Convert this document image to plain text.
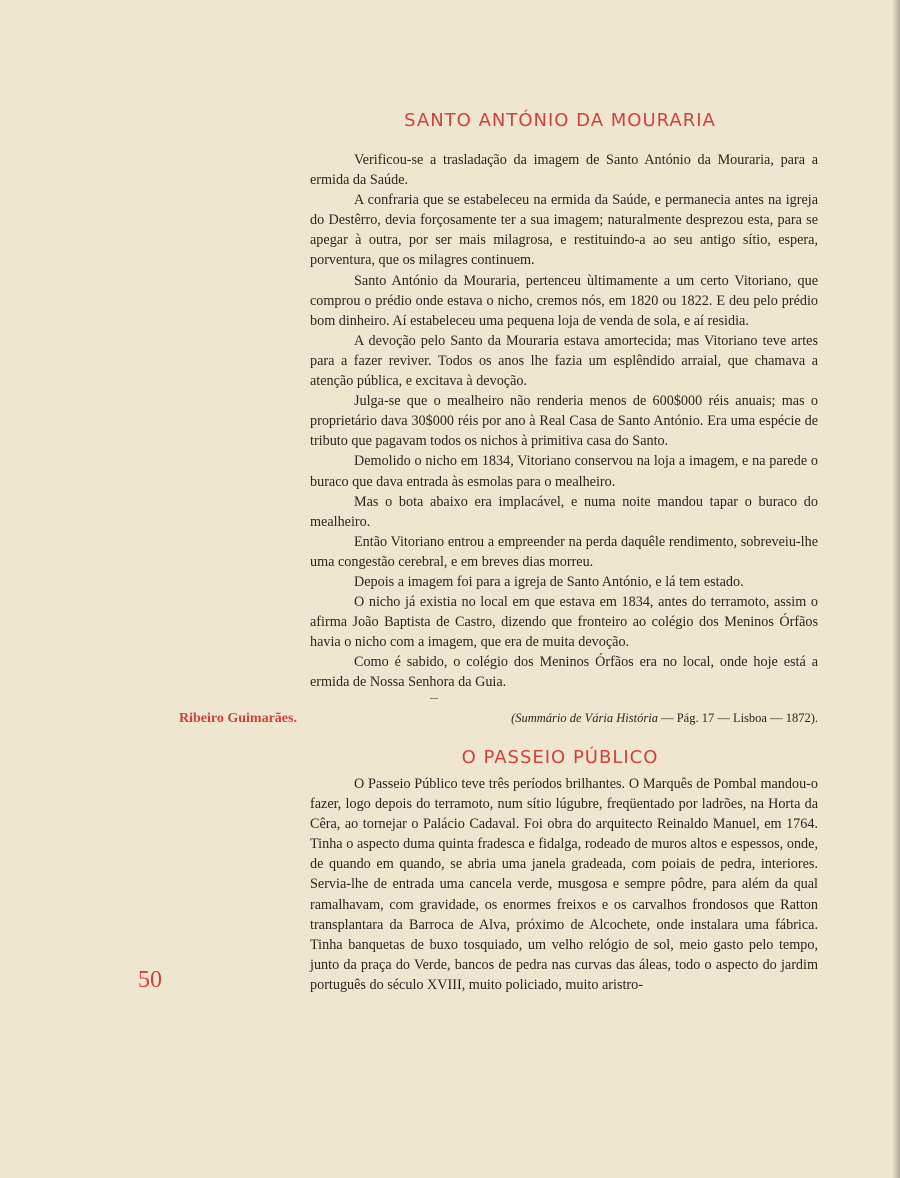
SANTO ANTÓNIO DA MOURARIA

Verificou-se a trasladação da imagem de Santo António da Mouraria, para a ermida da Saúde.

A confraria que se estabeleceu na ermida da Saúde, e permanecia antes na igreja do Destêrro, devia forçosamente ter a sua imagem; naturalmente desprezou esta, para se apegar à outra, por ser mais milagrosa, e restituindo-a ao seu antigo sítio, espera, porventura, que os milagres continuem.

Santo António da Mouraria, pertenceu ùltimamente a um certo Vitoriano, que comprou o prédio onde estava o nicho, cremos nós, em 1820 ou 1822. E deu pelo prédio bom dinheiro. Aí estabeleceu uma pequena loja de venda de sola, e aí residia.

A devoção pelo Santo da Mouraria estava amortecida; mas Vitoriano teve artes para a fazer reviver. Todos os anos lhe fazia um esplêndido arraial, que chamava a atenção pública, e excitava à devoção.

Julga-se que o mealheiro não renderia menos de 600$000 réis anuais; mas o proprietário dava 30$000 réis por ano à Real Casa de Santo António. Era uma espécie de tributo que pagavam todos os nichos à primitiva casa do Santo.

Demolido o nicho em 1834, Vitoriano conservou na loja a imagem, e na parede o buraco que dava entrada às esmolas para o mealheiro.

Mas o bota abaixo era implacável, e numa noite mandou tapar o buraco do mealheiro.

Então Vitoriano entrou a empreender na perda daquêle rendimento, sobreveiu-lhe uma congestão cerebral, e em breves dias morreu.

Depois a imagem foi para a igreja de Santo António, e lá tem estado.

O nicho já existia no local em que estava em 1834, antes do terramoto, assim o afirma João Baptista de Castro, dizendo que fronteiro ao colégio dos Meninos Órfãos havia o nicho com a imagem, que era de muita devoção.

Como é sabido, o colégio dos Meninos Órfãos era no local, onde hoje está a ermida de Nossa Senhora da Guia.

Ribeiro Guimarães.	(Summário de Vária História — Pág. 17 — Lisboa — 1872).
O PASSEIO PÚBLICO

O Passeio Público teve três períodos brilhantes. O Marquês de Pombal mandou-o fazer, logo depois do terramoto, num sítio lúgubre, freqüentado por ladrões, na Horta da Cêra, ao tornejar o Palácio Cadaval. Foi obra do arquitecto Reinaldo Manuel, em 1764. Tinha o aspecto duma quinta fradesca e fidalga, rodeado de muros altos e espessos, onde, de quando em quando, se abria uma janela gradeada, com poiais de pedra, interiores. Servia-lhe de entrada uma cancela verde, musgosa e sempre pôdre, para além da qual ramalhavam, com gravidade, os enormes freixos e os carvalhos frondosos que Ratton transplantara da Barroca de Alva, próximo de Alcochete, onde instalara uma fábrica. Tinha banquetas de buxo tosquiado, um velho relógio de sol, meio gasto pelo tempo, junto da praça do Verde, bancos de pedra nas curvas das áleas, todo o aspecto do jardim português do século XVIII, muito policiado, muito aristro-

50
